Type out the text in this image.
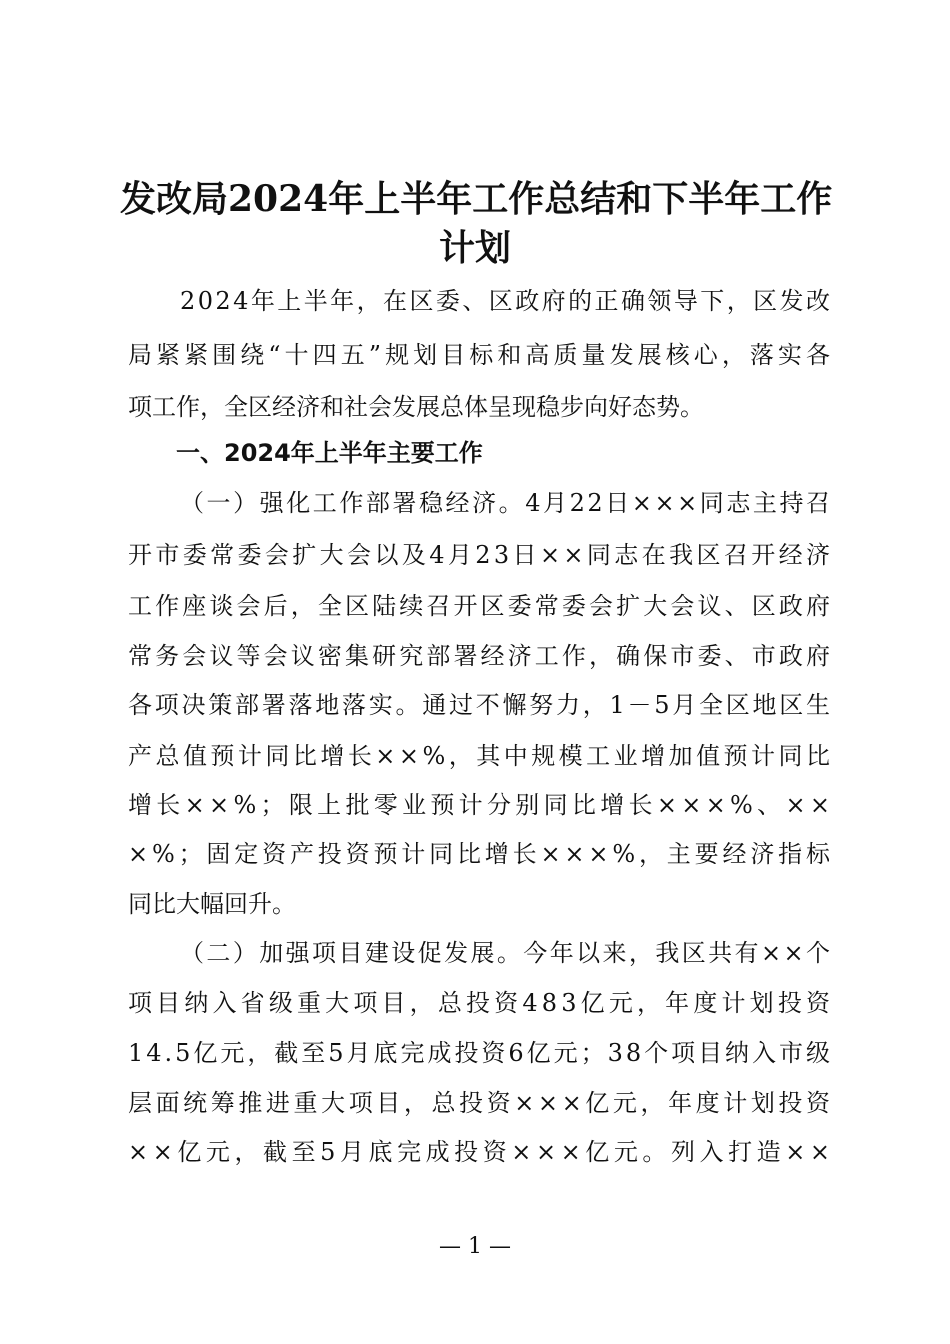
发改局2024年上半年工作总结和下半年工作
计划
2024年上半年，在区委、区政府的正确领导下，区发改
局紧紧围绕“十四五”规划目标和高质量发展核心，落实各
项工作，全区经济和社会发展总体呈现稳步向好态势。
一、2024年上半年主要工作
（一）强化工作部署稳经济。4月22日×××同志主持召
开市委常委会扩大会以及4月23日××同志在我区召开经济
工作座谈会后，全区陆续召开区委常委会扩大会议、区政府
常务会议等会议密集研究部署经济工作，确保市委、市政府
各项决策部署落地落实。通过不懈努力，1－5月全区地区生
产总值预计同比增长××%，其中规模工业增加值预计同比
增长××%；限上批零业预计分别同比增长×××%、××
×%；固定资产投资预计同比增长×××%，主要经济指标
同比大幅回升。
（二）加强项目建设促发展。今年以来，我区共有××个
项目纳入省级重大项目，总投资483亿元，年度计划投资
14.5亿元，截至5月底完成投资6亿元；38个项目纳入市级
层面统筹推进重大项目，总投资×××亿元，年度计划投资
××亿元，截至5月底完成投资×××亿元。列入打造××
— 1 —
